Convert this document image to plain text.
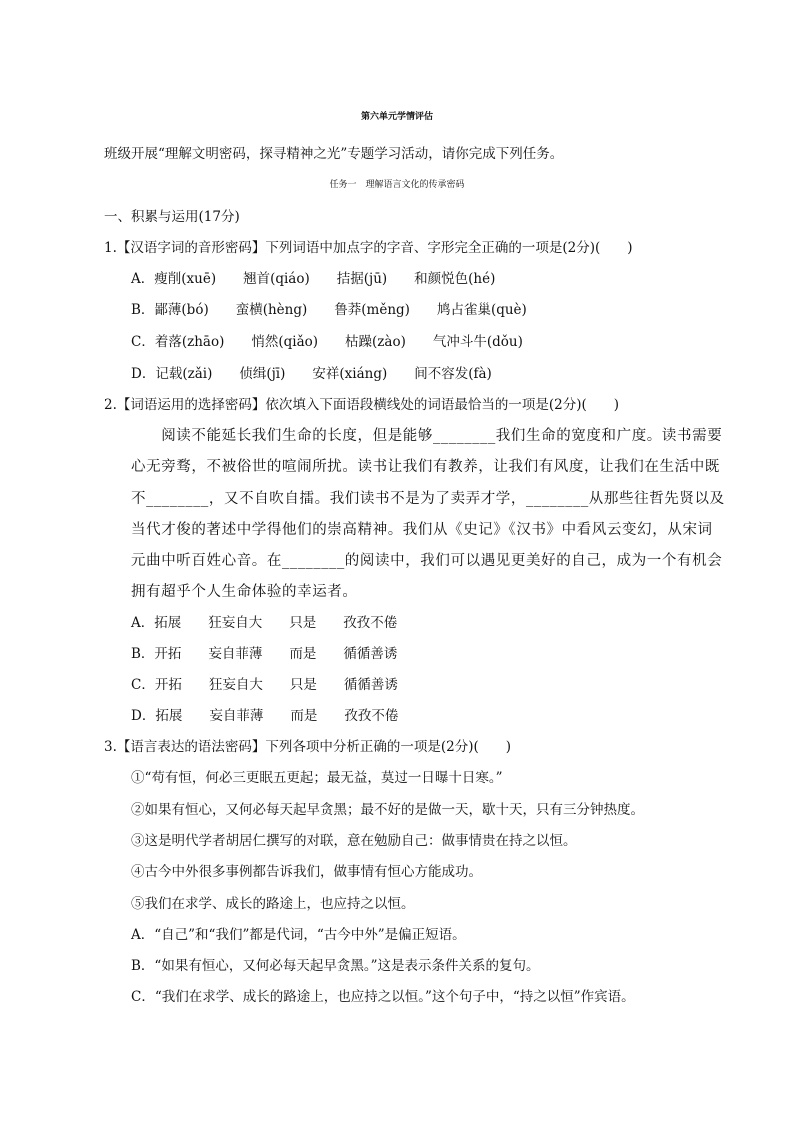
第六单元学情评估
班级开展“理解文明密码，探寻精神之光”专题学习活动，请你完成下列任务。
任务一　理解语言文化的传承密码
一、积累与运用(17分)
1.【汉语字词的音形密码】下列词语中加点字的字音、字形完全正确的一项是(2分)(　　)
A．瘦削(xuē)　　翘首(qiáo)　　拮据(jū)　　和颜悦色(hé)
B．鄙薄(bó)　　蛮横(hèng)　　鲁莽(měng)　　鸠占雀巢(què)
C．着落(zhāo)　　悄然(qiǎo)　　枯躁(zào)　　气冲斗牛(dǒu)
D．记载(zǎi)　　侦缉(jī)　　安祥(xiáng)　　间不容发(fà)
2.【词语运用的选择密码】依次填入下面语段横线处的词语最恰当的一项是(2分)(　　)
　　阅读不能延长我们生命的长度，但是能够________我们生命的宽度和广度。读书需要
心无旁骛，不被俗世的喧闹所扰。读书让我们有教养，让我们有风度，让我们在生活中既
不________，又不自吹自擂。我们读书不是为了卖弄才学，________从那些往哲先贤以及
当代才俊的著述中学得他们的崇高精神。我们从《史记》《汉书》中看风云变幻，从宋词
元曲中听百姓心音。在________的阅读中，我们可以遇见更美好的自己，成为一个有机会
拥有超乎个人生命体验的幸运者。
A．拓展　　狂妄自大　　只是　　孜孜不倦
B．开拓　　妄自菲薄　　而是　　循循善诱
C．开拓　　狂妄自大　　只是　　循循善诱
D．拓展　　妄自菲薄　　而是　　孜孜不倦
3.【语言表达的语法密码】下列各项中分析正确的一项是(2分)(　　)
①“苟有恒，何必三更眠五更起；最无益，莫过一日曝十日寒。”
②如果有恒心，又何必每天起早贪黑；最不好的是做一天，歇十天，只有三分钟热度。
③这是明代学者胡居仁撰写的对联，意在勉励自己：做事情贵在持之以恒。
④古今中外很多事例都告诉我们，做事情有恒心方能成功。
⑤我们在求学、成长的路途上，也应持之以恒。
A．“自己”和“我们”都是代词，“古今中外”是偏正短语。
B．“如果有恒心，又何必每天起早贪黑。”这是表示条件关系的复句。
C．“我们在求学、成长的路途上，也应持之以恒。”这个句子中，“持之以恒”作宾语。
